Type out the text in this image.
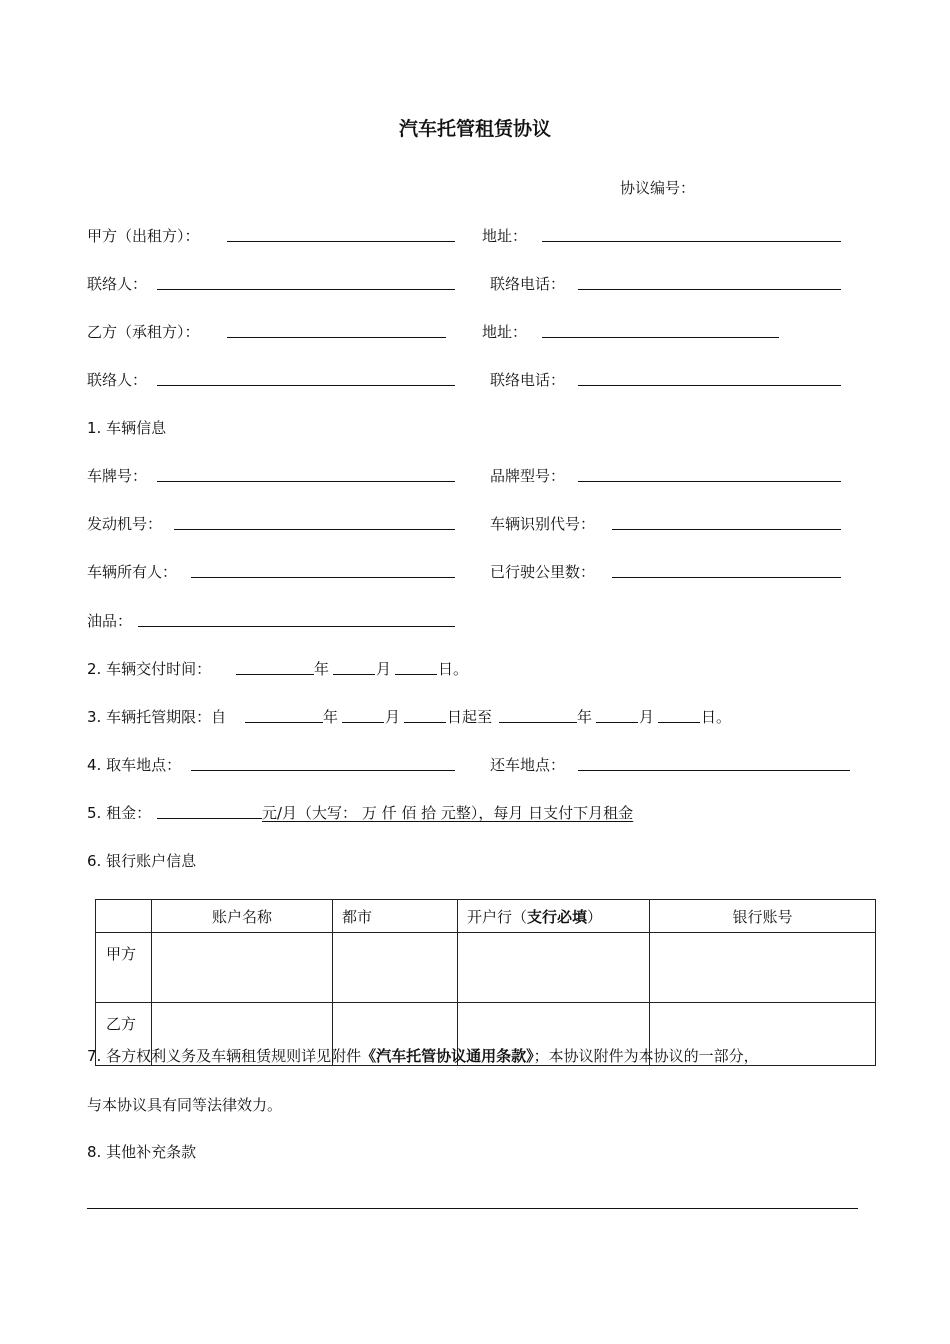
汽车托管租赁协议
协议编号：
甲方（出租方）：	地址：
联络人：	联络电话：
乙方（承租方）：	地址：
联络人：	联络电话：
1. 车辆信息
车牌号：	品牌型号：
发动机号：	车辆识别代号：
车辆所有人：	已行驶公里数：
油品：
2. 车辆交付时间：	年	月	日。
3. 车辆托管期限：自	年	月	日起至	年	月	日。
4. 取车地点：	还车地点：
5. 租金：	元/月（大写： 万 仟 佰 拾 元整），每月 日支付下月租金
6. 银行账户信息
	账户名称	都市	开户行（支行必填）	银行账号
甲方				
乙方				
7. 各方权利义务及车辆租赁规则详见附件《汽车托管协议通用条款》；本协议附件为本协议的一部分，
与本协议具有同等法律效力。
8. 其他补充条款
